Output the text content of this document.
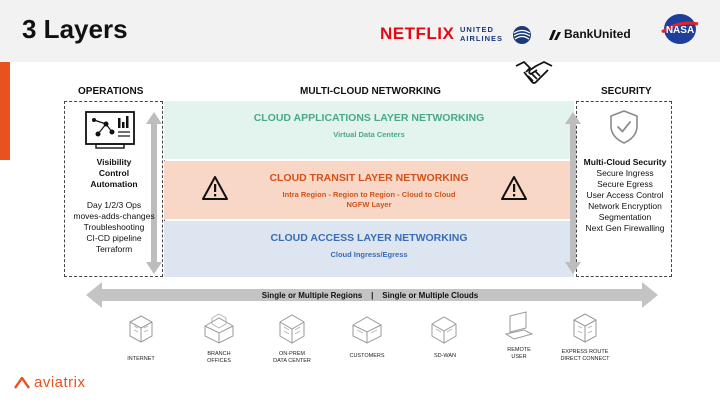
3 Layers	NETFLIX UNITED AIRLINES	BankUnited	NASA
OPERATIONS	MULTI-CLOUD NETWORKING	SECURITY
CLOUD APPLICATIONS LAYER NETWORKING
Virtual Data Centers
CLOUD TRANSIT LAYER NETWORKING
Intra Region - Region to Region - Cloud to Cloud
NGFW Layer
CLOUD ACCESS LAYER NETWORKING
Cloud Ingress/Egress
Visibility
Control
Automation
Day 1/2/3 Ops
moves-adds-changes
Troubleshooting
CI-CD pipeline
Terraform
Multi-Cloud Security
Secure Ingress
Secure Egress
User Access Control
Network Encryption
Segmentation
Next Gen Firewalling
Single or Multiple Regions | Single or Multiple Clouds
INTERNET
BRANCH
OFFICES
ON-PREM
DATA CENTER
CUSTOMERS	SD-WAN
REMOTE
USER
EXPRESS ROUTE
DIRECT CONNECT
aviatrix
